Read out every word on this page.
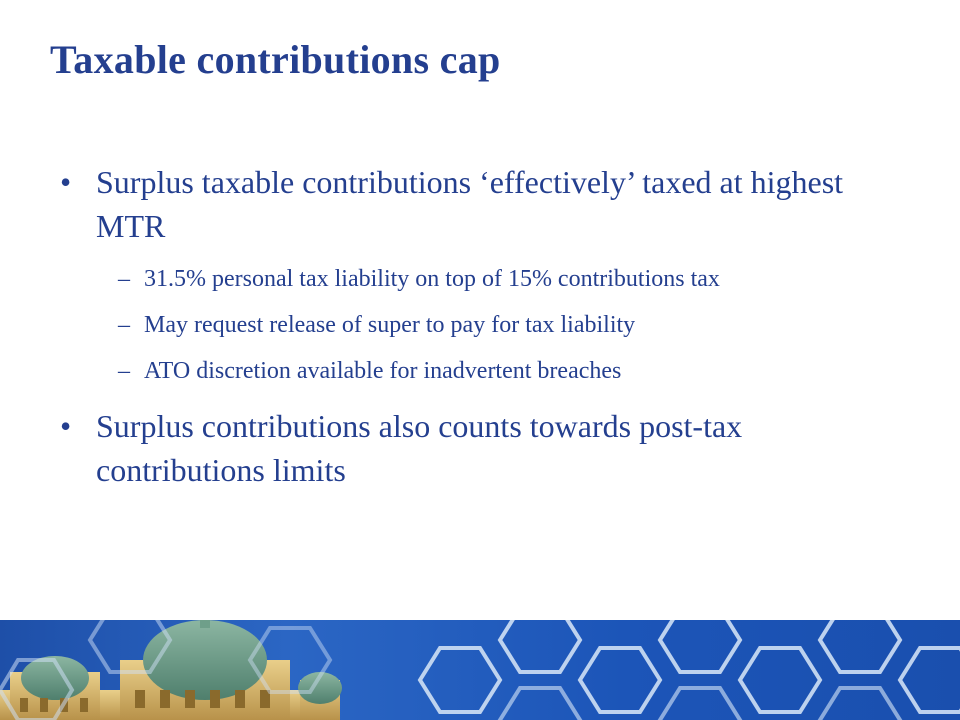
Taxable contributions cap
• Surplus taxable contributions ‘effectively’ taxed at highest MTR
– 31.5% personal tax liability on top of 15% contributions tax
– May request release of super to pay for tax liability
– ATO discretion available for inadvertent breaches
• Surplus contributions also counts towards post-tax contributions limits
